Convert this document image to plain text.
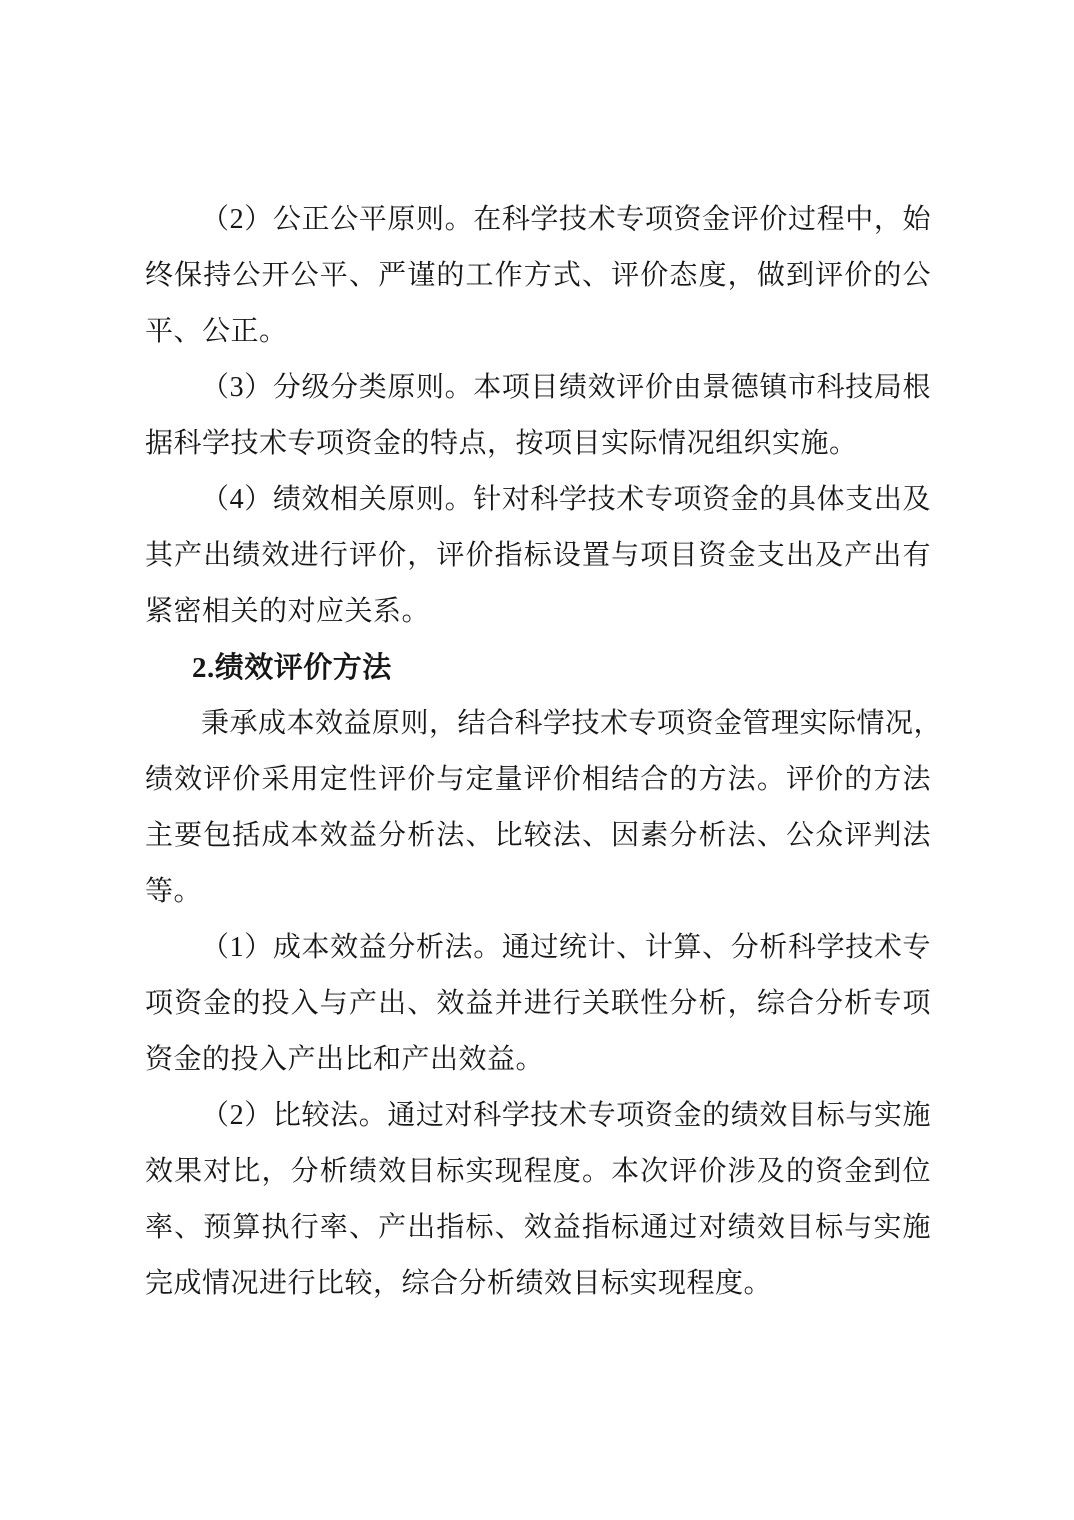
（2）公正公平原则。在科学技术专项资金评价过程中，始
终保持公开公平、严谨的工作方式、评价态度，做到评价的公
平、公正。
（3）分级分类原则。本项目绩效评价由景德镇市科技局根
据科学技术专项资金的特点，按项目实际情况组织实施。
（4）绩效相关原则。针对科学技术专项资金的具体支出及
其产出绩效进行评价，评价指标设置与项目资金支出及产出有
紧密相关的对应关系。
2.绩效评价方法
秉承成本效益原则，结合科学技术专项资金管理实际情况，
绩效评价采用定性评价与定量评价相结合的方法。评价的方法
主要包括成本效益分析法、比较法、因素分析法、公众评判法
等。
（1）成本效益分析法。通过统计、计算、分析科学技术专
项资金的投入与产出、效益并进行关联性分析，综合分析专项
资金的投入产出比和产出效益。
（2）比较法。通过对科学技术专项资金的绩效目标与实施
效果对比，分析绩效目标实现程度。本次评价涉及的资金到位
率、预算执行率、产出指标、效益指标通过对绩效目标与实施
完成情况进行比较，综合分析绩效目标实现程度。
